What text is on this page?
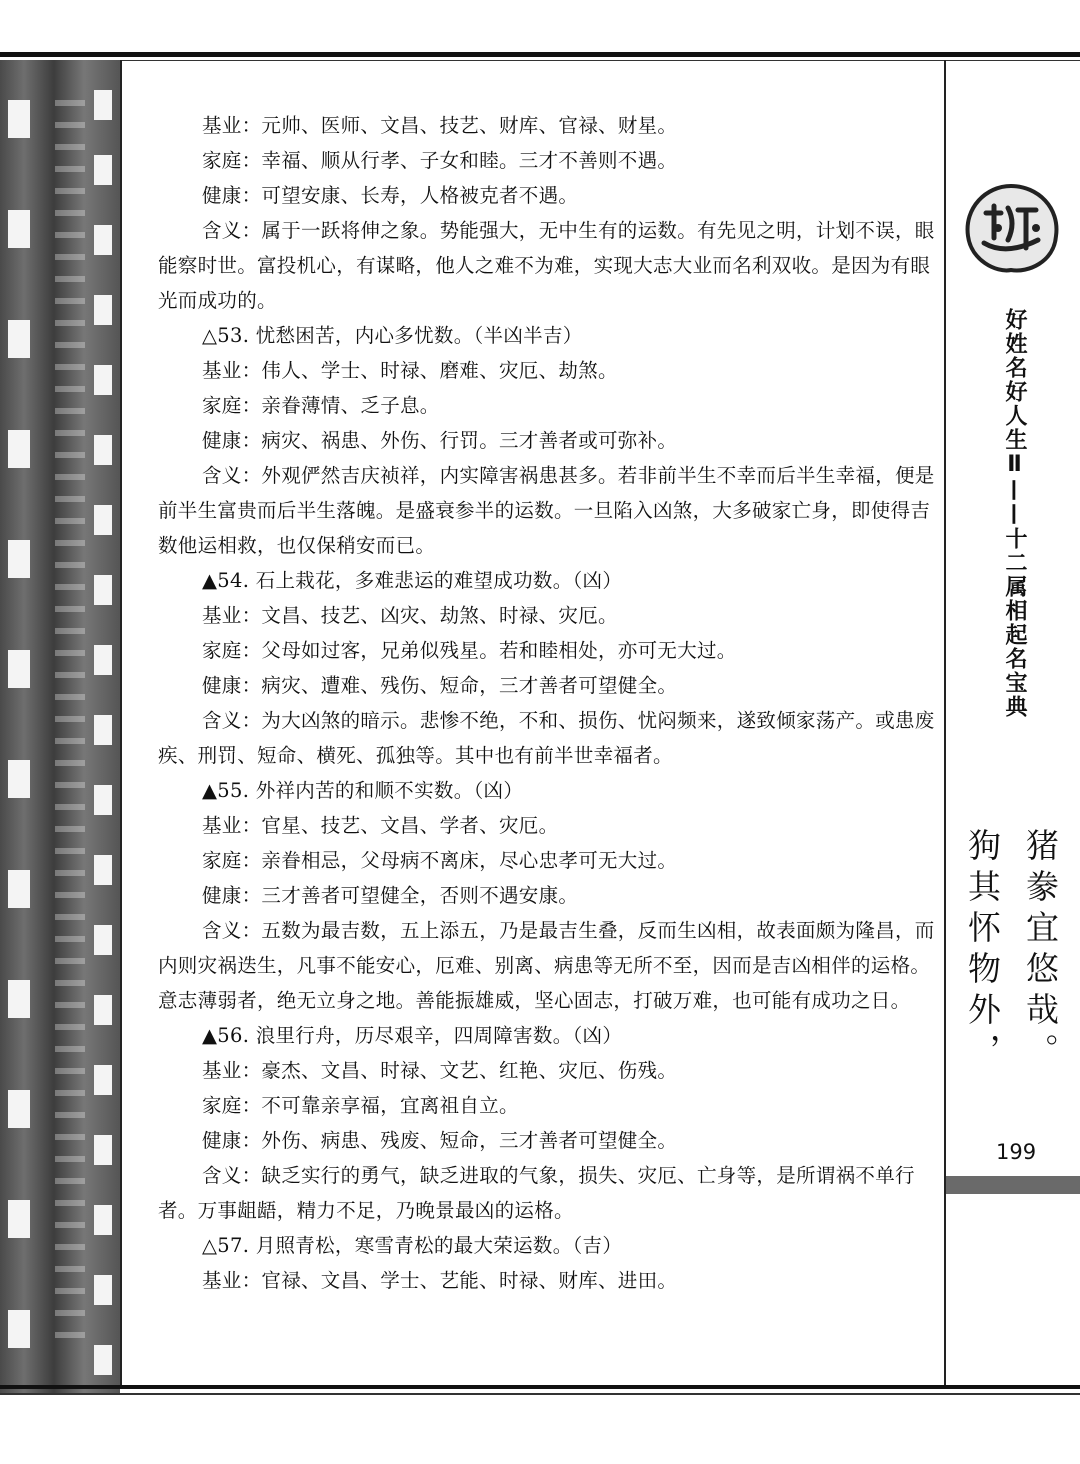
基业：元帅、医师、文昌、技艺、财库、官禄、财星。

家庭：幸福、顺从行孝、子女和睦。三才不善则不遇。

健康：可望安康、长寿，人格被克者不遇。

含义：属于一跃将伸之象。势能强大，无中生有的运数。有先见之明，计划不误，眼能察时世。富投机心，有谋略，他人之难不为难，实现大志大业而名利双收。是因为有眼光而成功的。

△53. 忧愁困苦，内心多忧数。（半凶半吉）

基业：伟人、学士、时禄、磨难、灾厄、劫煞。

家庭：亲眷薄情、乏子息。

健康：病灾、祸患、外伤、行罚。三才善者或可弥补。

含义：外观俨然吉庆祯祥，内实障害祸患甚多。若非前半生不幸而后半生幸福，便是前半生富贵而后半生落魄。是盛衰参半的运数。一旦陷入凶煞，大多破家亡身，即使得吉数他运相救，也仅保稍安而已。

▲54. 石上栽花，多难悲运的难望成功数。（凶）

基业：文昌、技艺、凶灾、劫煞、时禄、灾厄。

家庭：父母如过客，兄弟似残星。若和睦相处，亦可无大过。

健康：病灾、遭难、残伤、短命，三才善者可望健全。

含义：为大凶煞的暗示。悲惨不绝，不和、损伤、忧闷频来，遂致倾家荡产。或患废疾、刑罚、短命、横死、孤独等。其中也有前半世幸福者。

▲55. 外祥内苦的和顺不实数。（凶）

基业：官星、技艺、文昌、学者、灾厄。

家庭：亲眷相忌，父母病不离床，尽心忠孝可无大过。

健康：三才善者可望健全，否则不遇安康。

含义：五数为最吉数，五上添五，乃是最吉生叠，反而生凶相，故表面颇为隆昌，而内则灾祸迭生，凡事不能安心，厄难、别离、病患等无所不至，因而是吉凶相伴的运格。意志薄弱者，绝无立身之地。善能振雄威，坚心固志，打破万难，也可能有成功之日。

▲56. 浪里行舟，历尽艰辛，四周障害数。（凶）

基业：豪杰、文昌、时禄、文艺、红艳、灾厄、伤残。

家庭：不可靠亲享福，宜离祖自立。

健康：外伤、病患、残废、短命，三才善者可望健全。

含义：缺乏实行的勇气，缺乏进取的气象，损失、灾厄、亡身等，是所谓祸不单行者。万事龃龉，精力不足，乃晚景最凶的运格。

△57. 月照青松，寒雪青松的最大荣运数。（吉）

基业：官禄、文昌、学士、艺能、时禄、财库、进田。

好姓名好人生Ⅱ——十二属相起名宝典
猪豢宜悠哉。
狗其怀物外，
199
